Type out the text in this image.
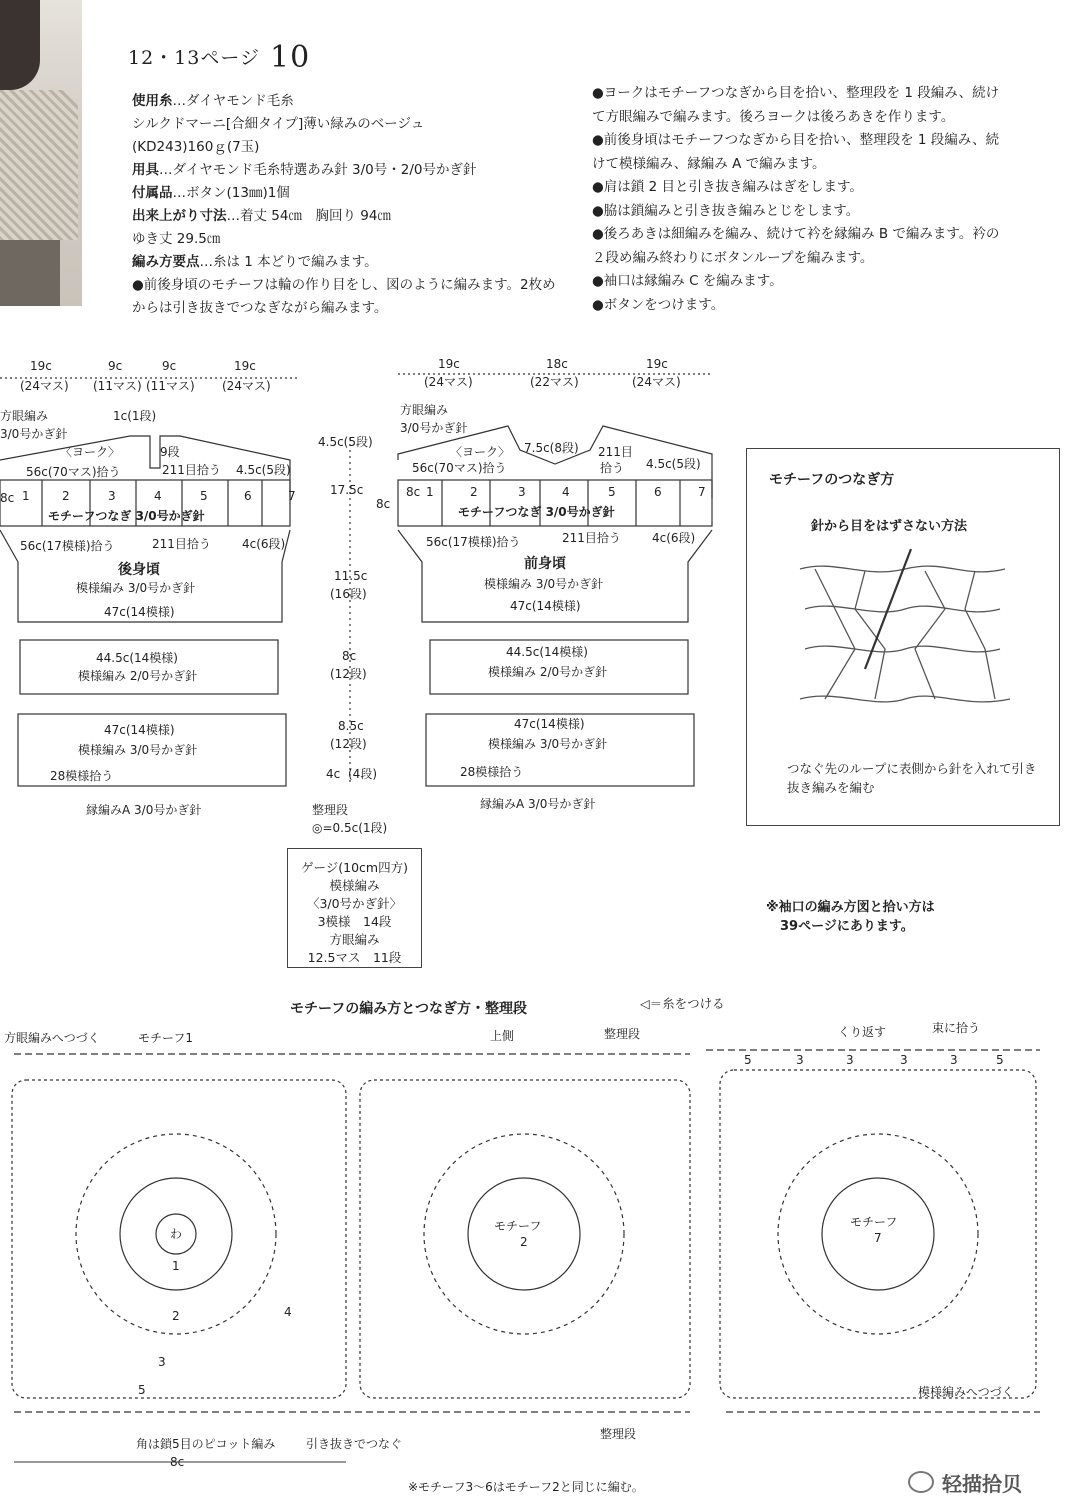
12・13ページ 10
使用糸…ダイヤモンド毛糸
シルクドマーニ[合細タイプ]薄い緑みのベージュ
(KD243)160ｇ(7玉)
用具…ダイヤモンド毛糸特選あみ針 3/0号・2/0号かぎ針
付属品…ボタン(13㎜)1個
出来上がり寸法…着丈 54㎝　胸回り 94㎝
ゆき丈 29.5㎝
編み方要点…糸は 1 本どりで編みます。
●前後身頃のモチーフは輪の作り目をし、図のように編みます。2枚めからは引き抜きでつなぎながら編みます。
●ヨークはモチーフつなぎから目を拾い、整理段を 1 段編み、続けて方眼編みで編みます。後ろヨークは後ろあきを作ります。
●前後身頃はモチーフつなぎから目を拾い、整理段を 1 段編み、続けて模様編み、縁編み A で編みます。
●肩は鎖 2 目と引き抜き編みはぎをします。
●脇は鎖編みと引き抜き編みとじをします。
●後ろあきは細編みを編み、続けて衿を縁編み B で編みます。衿の２段め編み終わりにボタンループを編みます。
●袖口は縁編み C を編みます。
●ボタンをつけます。
19c
(24マス)
9c
(11マス)
9c
(11マス)
19c
(24マス)
方眼編み
3/0号かぎ針
1c(1段)
〈ヨーク〉	9段
56c(70マス)拾う	211目拾う 4.5c(5段)
8c 1	2	3	4	5	6	7
モチーフつなぎ 3/0号かぎ針
56c(17模様)拾う	211目拾う	4c(6段)
後身頃
模様編み 3/0号かぎ針
47c(14模様)
44.5c(14模様)
模様編み 2/0号かぎ針
47c(14模様)
模様編み 3/0号かぎ針
28模様拾う
縁編みA 3/0号かぎ針
4.5c(5段)
17.5c
11.5c
(16段)
8c
(12段)
8.5c
(12段)
4c (4段)
8c
整理段
◎=0.5c(1段)
19c
(24マス)
18c
(22マス)
19c
(24マス)
方眼編み
3/0号かぎ針
〈ヨーク〉 7.5c(8段) 211目
拾う 4.5c(5段)
56c(70マス)拾う
8c 1	2	3	4	5	6	7
モチーフつなぎ 3/0号かぎ針
56c(17模様)拾う	211目拾う	4c(6段)
前身頃
模様編み 3/0号かぎ針
47c(14模様)
44.5c(14模様)
模様編み 2/0号かぎ針
47c(14模様)
模様編み 3/0号かぎ針
28模様拾う
縁編みA 3/0号かぎ針
モチーフのつなぎ方
針から目をはずさない方法
つなぐ先のループに表側から針を入れて引き抜き編みを編む
ゲージ(10cm四方)
模様編み
〈3/0号かぎ針〉
3模様　14段
方眼編み
12.5マス　11段
※袖口の編み方図と拾い方は
39ページにあります。
モチーフの編み方とつなぎ方・整理段	◁＝糸をつける
方眼編みへつづく	モチーフ1	上側	整理段	くり返す	束に拾う
5	3	3	3	3	5
わ
モチーフ
2
モチーフ
7
1
2
3
4
5
整理段
模様編みへつづく
角は鎖5目のピコット編み	引き抜きでつなぐ
8c
※モチーフ3〜6はモチーフ2と同じに編む。	轻描拾贝
